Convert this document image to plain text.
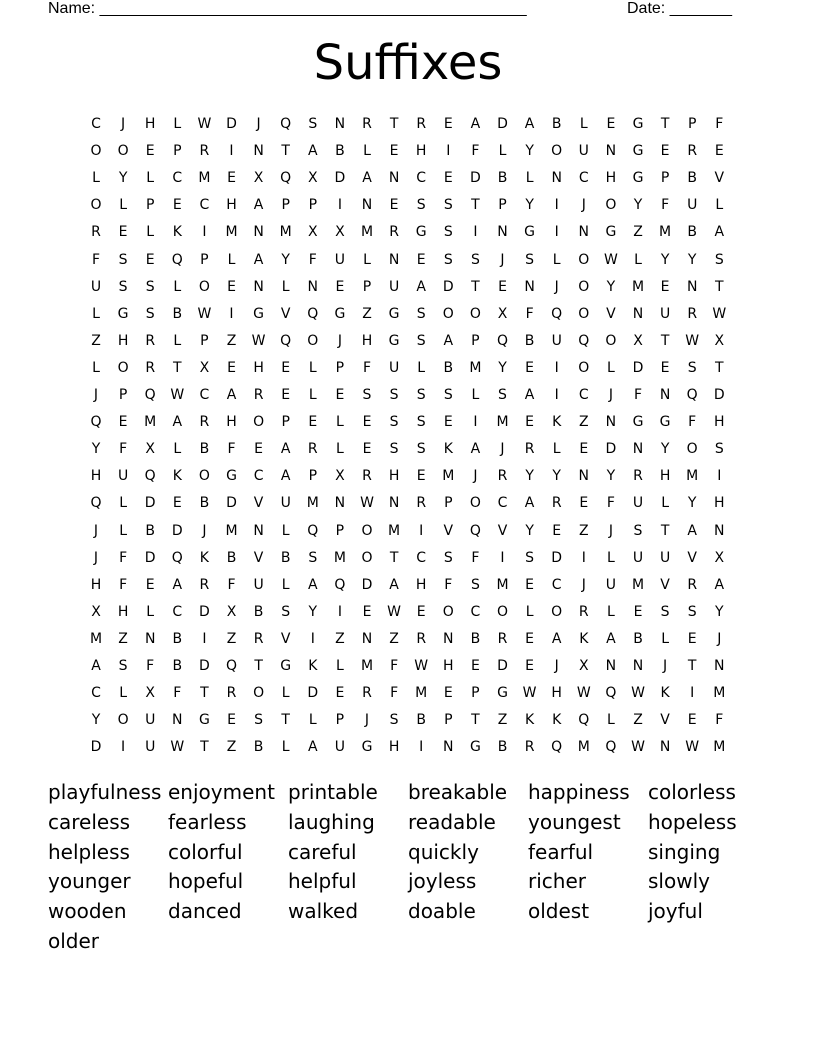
Name: ________________________________________________	Date: _______
Suffixes
C	J	H	L	W	D	J	Q	S	N	R	T	R	E	A	D	A	B	L	E	G	T	P	F
O	O	E	P	R	I	N	T	A	B	L	E	H	I	F	L	Y	O	U	N	G	E	R	E
L	Y	L	C	M	E	X	Q	X	D	A	N	C	E	D	B	L	N	C	H	G	P	B	V
O	L	P	E	C	H	A	P	P	I	N	E	S	S	T	P	Y	I	J	O	Y	F	U	L
R	E	L	K	I	M	N	M	X	X	M	R	G	S	I	N	G	I	N	G	Z	M	B	A
F	S	E	Q	P	L	A	Y	F	U	L	N	E	S	S	J	S	L	O	W	L	Y	Y	S
U	S	S	L	O	E	N	L	N	E	P	U	A	D	T	E	N	J	O	Y	M	E	N	T
L	G	S	B	W	I	G	V	Q	G	Z	G	S	O	O	X	F	Q	O	V	N	U	R	W
Z	H	R	L	P	Z	W	Q	O	J	H	G	S	A	P	Q	B	U	Q	O	X	T	W	X
L	O	R	T	X	E	H	E	L	P	F	U	L	B	M	Y	E	I	O	L	D	E	S	T
J	P	Q	W	C	A	R	E	L	E	S	S	S	S	L	S	A	I	C	J	F	N	Q	D
Q	E	M	A	R	H	O	P	E	L	E	S	S	E	I	M	E	K	Z	N	G	G	F	H
Y	F	X	L	B	F	E	A	R	L	E	S	S	K	A	J	R	L	E	D	N	Y	O	S
H	U	Q	K	O	G	C	A	P	X	R	H	E	M	J	R	Y	Y	N	Y	R	H	M	I
Q	L	D	E	B	D	V	U	M	N	W	N	R	P	O	C	A	R	E	F	U	L	Y	H
J	L	B	D	J	M	N	L	Q	P	O	M	I	V	Q	V	Y	E	Z	J	S	T	A	N
J	F	D	Q	K	B	V	B	S	M	O	T	C	S	F	I	S	D	I	L	U	U	V	X
H	F	E	A	R	F	U	L	A	Q	D	A	H	F	S	M	E	C	J	U	M	V	R	A
X	H	L	C	D	X	B	S	Y	I	E	W	E	O	C	O	L	O	R	L	E	S	S	Y
M	Z	N	B	I	Z	R	V	I	Z	N	Z	R	N	B	R	E	A	K	A	B	L	E	J
A	S	F	B	D	Q	T	G	K	L	M	F	W	H	E	D	E	J	X	N	N	J	T	N
C	L	X	F	T	R	O	L	D	E	R	F	M	E	P	G	W	H	W	Q	W	K	I	M
Y	O	U	N	G	E	S	T	L	P	J	S	B	P	T	Z	K	K	Q	L	Z	V	E	F
D	I	U	W	T	Z	B	L	A	U	G	H	I	N	G	B	R	Q	M	Q	W	N	W M
playfulness enjoyment printable breakable happiness colorless
careless fearless laughing readable youngest hopeless
helpless colorful careful	quickly fearful	singing
younger hopeful helpful	joyless	richer	slowly
wooden danced walked doable	oldest	joyful
older
